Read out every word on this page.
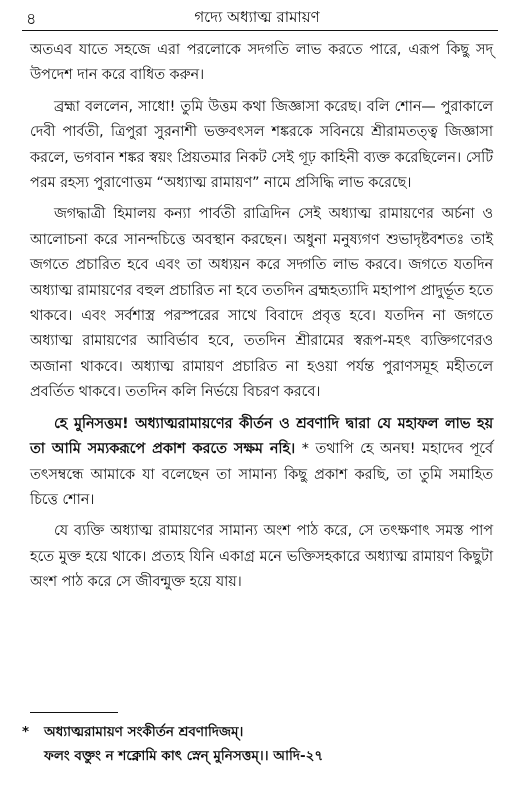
৪	গদ্যে অধ্যাত্ম রামায়ণ

অতএব যাতে সহজে এরা পরলোকে সদগতি লাভ করতে পারে, এরূপ কিছু সদ্‌ উপদেশ দান করে বাধিত করুন।

ব্রহ্মা বললেন, সাধো! তুমি উত্তম কথা জিজ্ঞাসা করেছ। বলি শোন— পুরাকালে দেবী পার্বতী, ত্রিপুরা সুরনাশী ভক্তবৎসল শঙ্করকে সবিনয়ে শ্রীরামতত্ত্ব জিজ্ঞাসা করলে, ভগবান শঙ্কর স্বয়ং প্রিয়তমার নিকট সেই গূঢ় কাহিনী ব্যক্ত করেছিলেন। সেটি পরম রহস্য পুরাণোত্তম “অধ্যাত্ম রামায়ণ” নামে প্রসিদ্ধি লাভ করেছে।

জগদ্ধাত্রী হিমালয় কন্যা পার্বতী রাত্রিদিন সেই অধ্যাত্ম রামায়ণের অর্চনা ও আলোচনা করে সানন্দচিত্তে অবস্থান করছেন। অধুনা মনুষ্যগণ শুভাদৃষ্টবশতঃ তাই জগতে প্রচারিত হবে এবং তা অধ্যয়ন করে সদ্গতি লাভ করবে। জগতে যতদিন অধ্যাত্ম রামায়ণের বহুল প্রচারিত না হবে ততদিন ব্রহ্মহত্যাদি মহাপাপ প্রাদুর্ভূত হতে থাকবে। এবং সর্বশাস্ত্র পরস্পরের সাথে বিবাদে প্রবৃত্ত হবে। যতদিন না জগতে অধ্যাত্ম রামায়ণের আবির্ভাব হবে, ততদিন শ্রীরামের স্বরূপ-মহৎ ব্যক্তিগণেরও অজানা থাকবে। অধ্যাত্ম রামায়ণ প্রচারিত না হওয়া পর্যন্ত পুরাণসমূহ মহীতলে প্রবর্তিত থাকবে। ততদিন কলি নির্ভয়ে বিচরণ করবে।

হে মুনিসত্তম! অধ্যাত্মরামায়ণের কীর্তন ও শ্রবণাদি দ্বারা যে মহাফল লাভ হয় তা আমি সম্যকরূপে প্রকাশ করতে সক্ষম নহি। * তথাপি হে অনঘ! মহাদেব পূর্বে তৎসম্বন্ধে আমাকে যা বলেছেন তা সামান্য কিছু প্রকাশ করছি, তা তুমি সমাহিত চিত্তে শোন।

যে ব্যক্তি অধ্যাত্ম রামায়ণের সামান্য অংশ পাঠ করে, সে তৎক্ষণাৎ সমস্ত পাপ হতে মুক্ত হয়ে থাকে। প্রত্যহ যিনি একাগ্র মনে ভক্তিসহকারে অধ্যাত্ম রামায়ণ কিছুটা অংশ পাঠ করে সে জীবন্মুক্ত হয়ে যায়।

* অধ্যাত্মরামায়ণ সংকীর্তন শ্রবণাদিজম্‌।
ফলং বক্তুং ন শক্নোমি কাৎ স্নেন্‌ মুনিসত্তম্‌।। আদি-২৭
